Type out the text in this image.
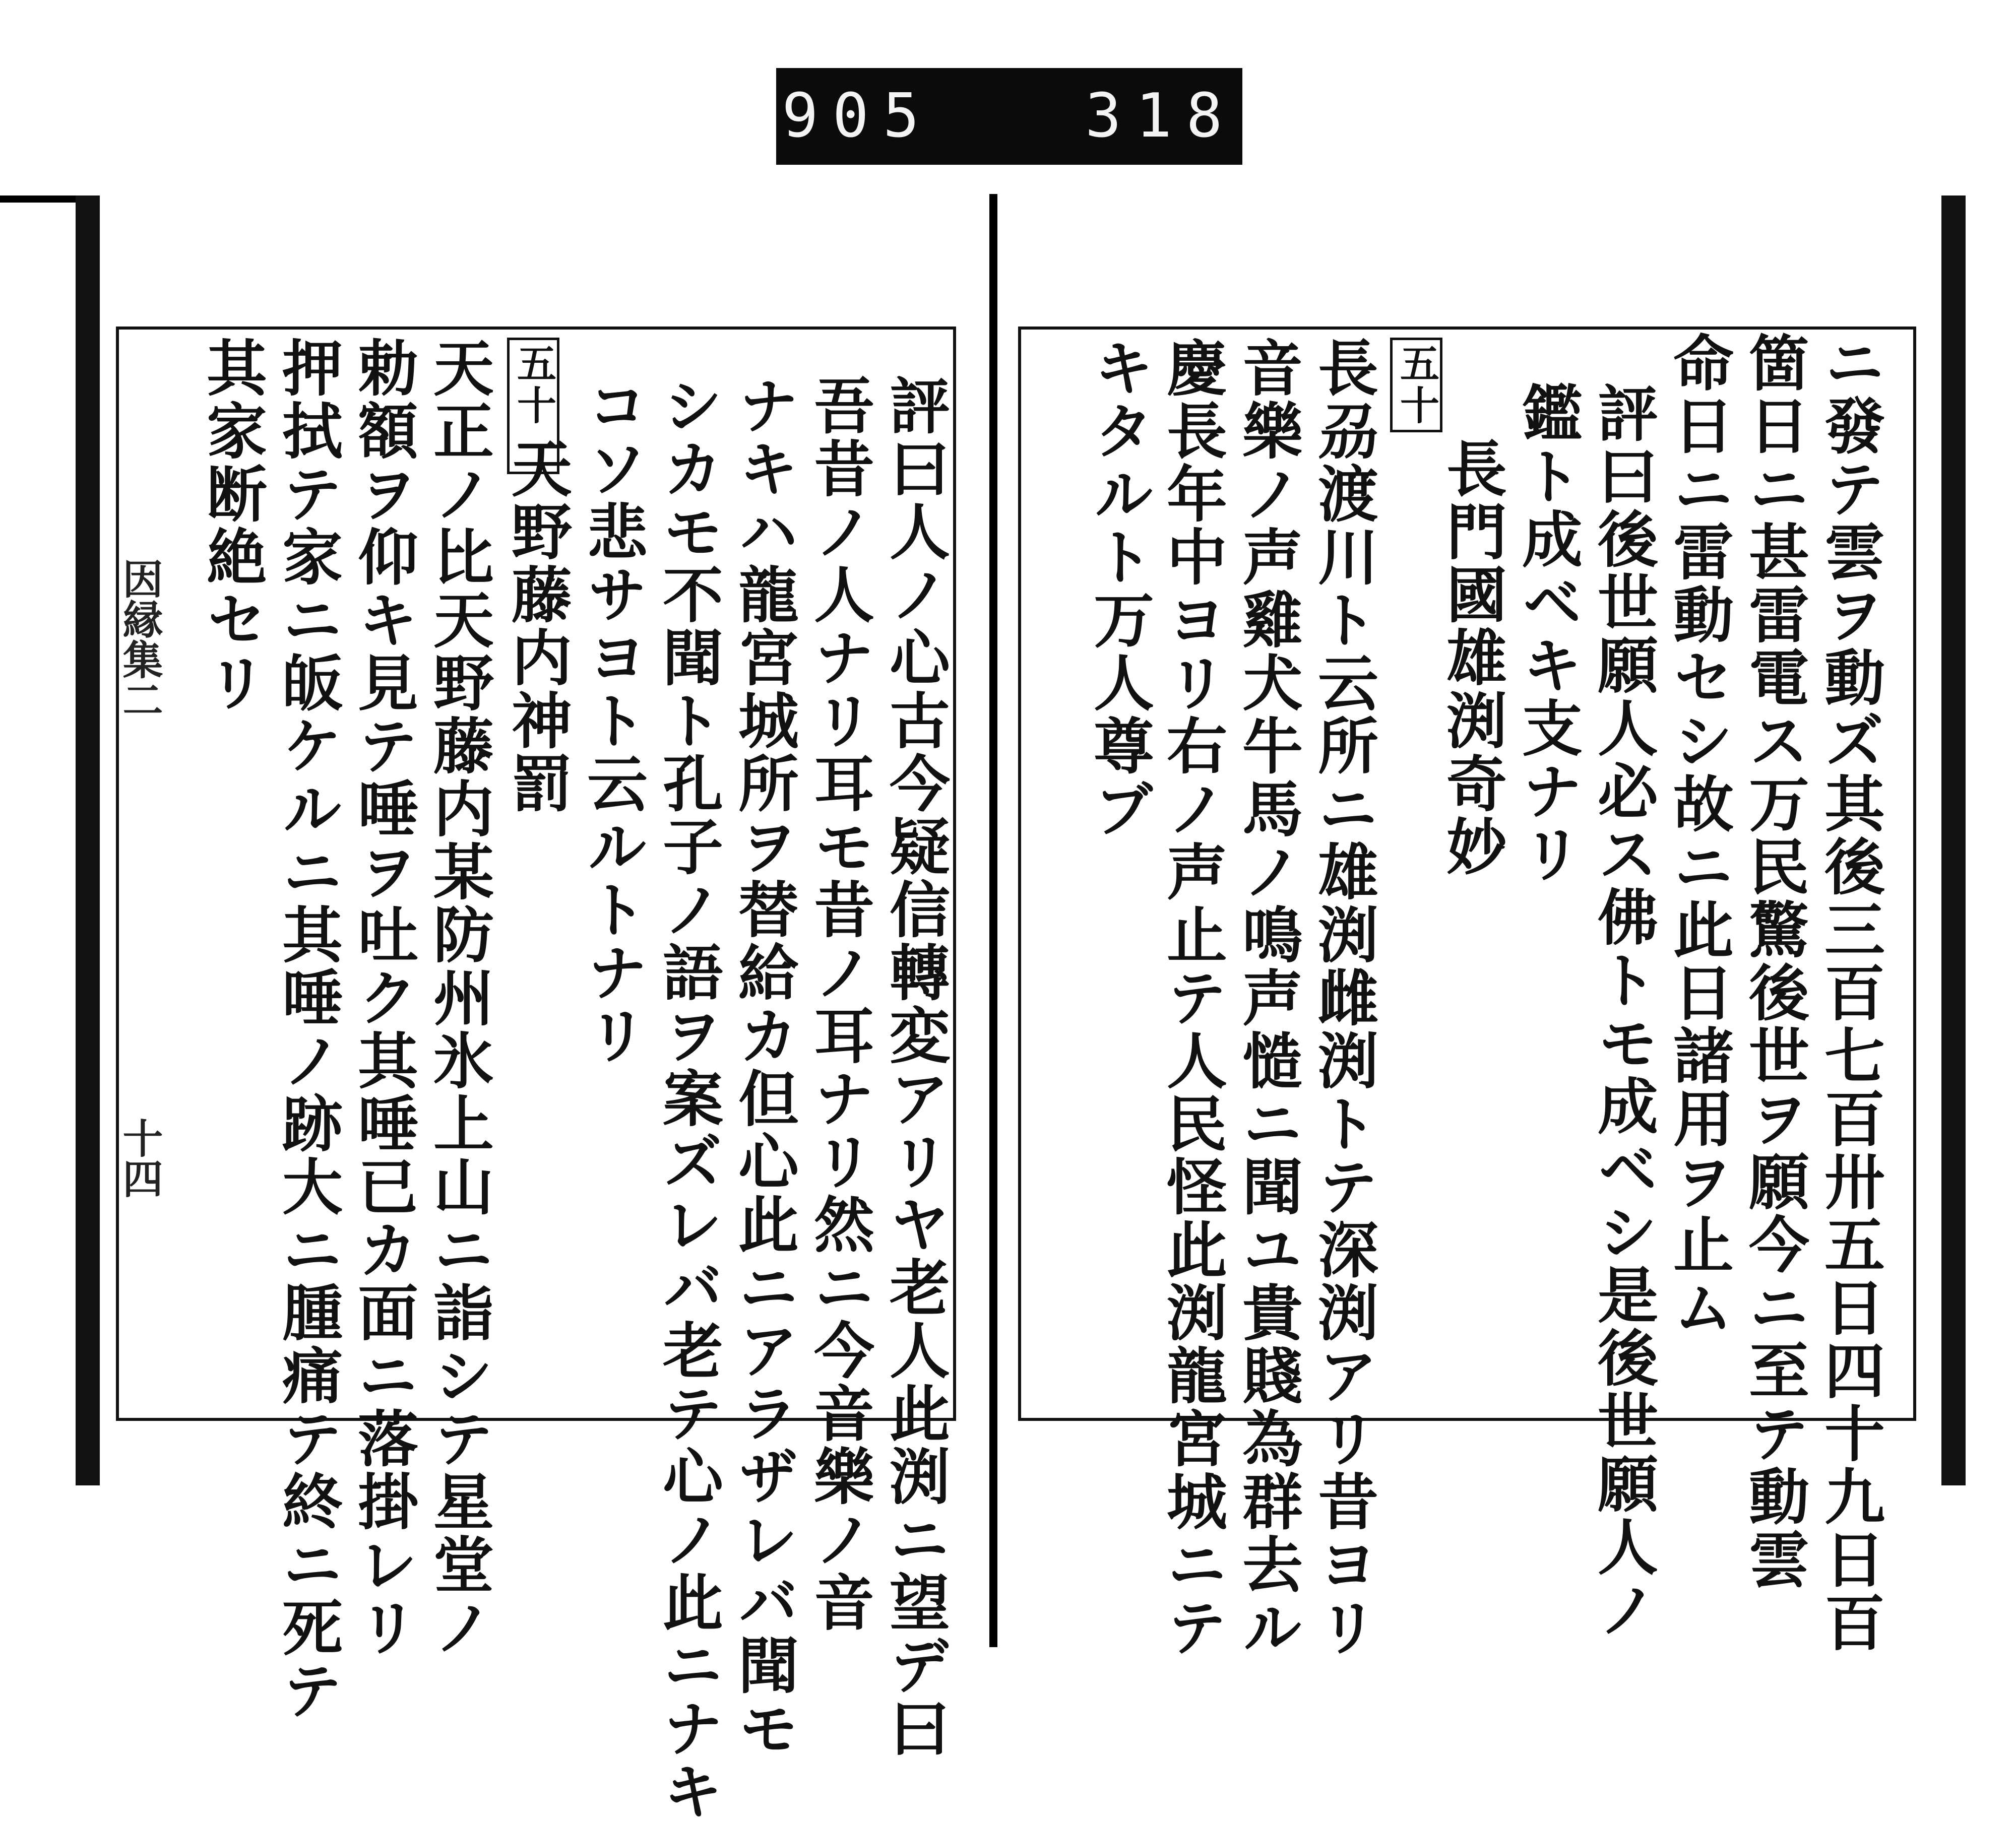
905   318
因縁集二
十四	評曰人ノ心古今疑信轉変アリヤ老人此渕ニ望デ曰
吾昔ノ人ナリ耳モ昔ノ耳ナリ然ニ今音樂ノ音
ナキハ龍宮城所ヲ替給カ但心此ニアラザレバ聞モ
シカモ不聞ト孔子ノ語ヲ案ズレバ老テ心ノ此ニナキ
コソ悲サヨト云ルトナリ
五十一
天野藤内神罰
天正ノ比天野藤内某防州氷上山ニ詣シテ星堂ノ
勅額ヲ仰キ見テ唾ヲ吐ク其唾已カ面ニ落掛レリ
押拭テ家ニ皈ケルニ其唾ノ跡大ニ腫痛テ終ニ死テ
其家断絶セリ	ニ發テ雲ヲ動ズ其後三百七百卅五日四十九日百
箇日ニ甚雷電ス万民驚後世ヲ願今ニ至テ動雲
命日ニ雷動セシ故ニ此日諸用ヲ止ム
評曰後世願人必ス佛トモ成ベシ是後世願人ノ
鑑ト成ベキ支ナリ
五十
長門國雄渕奇妙
長刕渡川ト云所ニ雄渕雌渕トテ深渕アリ昔ヨリ
音樂ノ声雞犬牛馬ノ鳴声慥ニ聞ユ貴賤為群去ル
慶長年中ヨリ右ノ声止テ人民怪此渕龍宮城ニテ
キタルト万人尊ブ
